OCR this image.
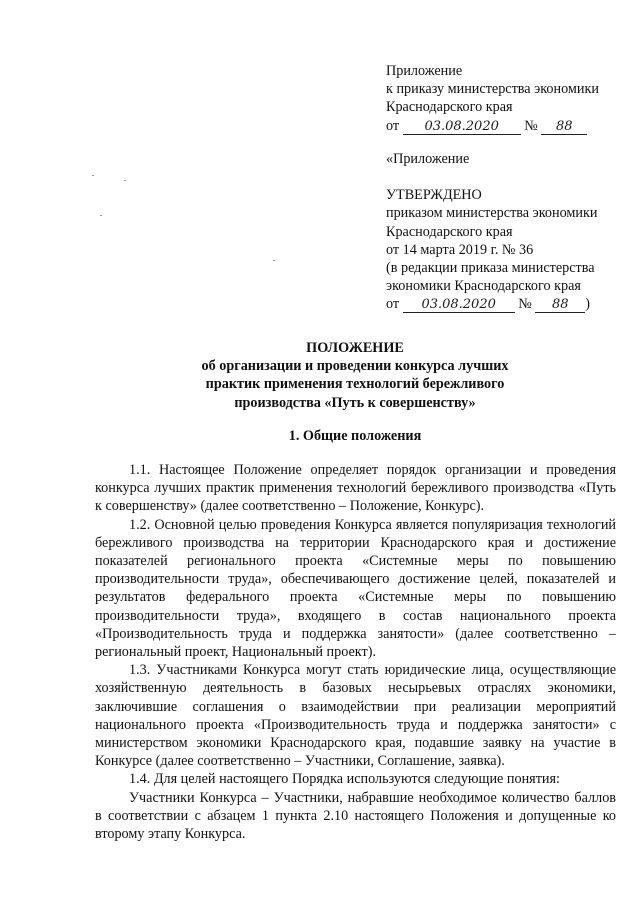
Приложение
к приказу министерства экономики
Краснодарского края
от 03.08.2020 № 88
«Приложение
УТВЕРЖДЕНО
приказом министерства экономики
Краснодарского края
от 14 марта 2019 г. № 36
(в редакции приказа министерства
экономики Краснодарского края
от 03.08.2020 № 88 )
ПОЛОЖЕНИЕ
об организации и проведении конкурса лучших
практик применения технологий бережливого
производства «Путь к совершенству»
1. Общие положения

1.1. Настоящее Положение определяет порядок организации и проведения конкурса лучших практик применения технологий бережливого производства «Путь к совершенству» (далее соответственно – Положение, Конкурс).

1.2. Основной целью проведения Конкурса является популяризация технологий бережливого производства на территории Краснодарского края и достижение показателей регионального проекта «Системные меры по повышению производительности труда», обеспечивающего достижение целей, показателей и результатов федерального проекта «Системные меры по повышению производительности труда», входящего в состав национального проекта «Производительность труда и поддержка занятости» (далее соответственно – региональный проект, Национальный проект).

1.3. Участниками Конкурса могут стать юридические лица, осуществляющие хозяйственную деятельность в базовых несырьевых отраслях экономики, заключившие соглашения о взаимодействии при реализации мероприятий национального проекта «Производительность труда и поддержка занятости» с министерством экономики Краснодарского края, подавшие заявку на участие в Конкурсе (далее соответственно – Участники, Соглашение, заявка).

1.4. Для целей настоящего Порядка используются следующие понятия:

Участники Конкурса – Участники, набравшие необходимое количество баллов в соответствии с абзацем 1 пункта 2.10 настоящего Положения и допущенные ко второму этапу Конкурса.
